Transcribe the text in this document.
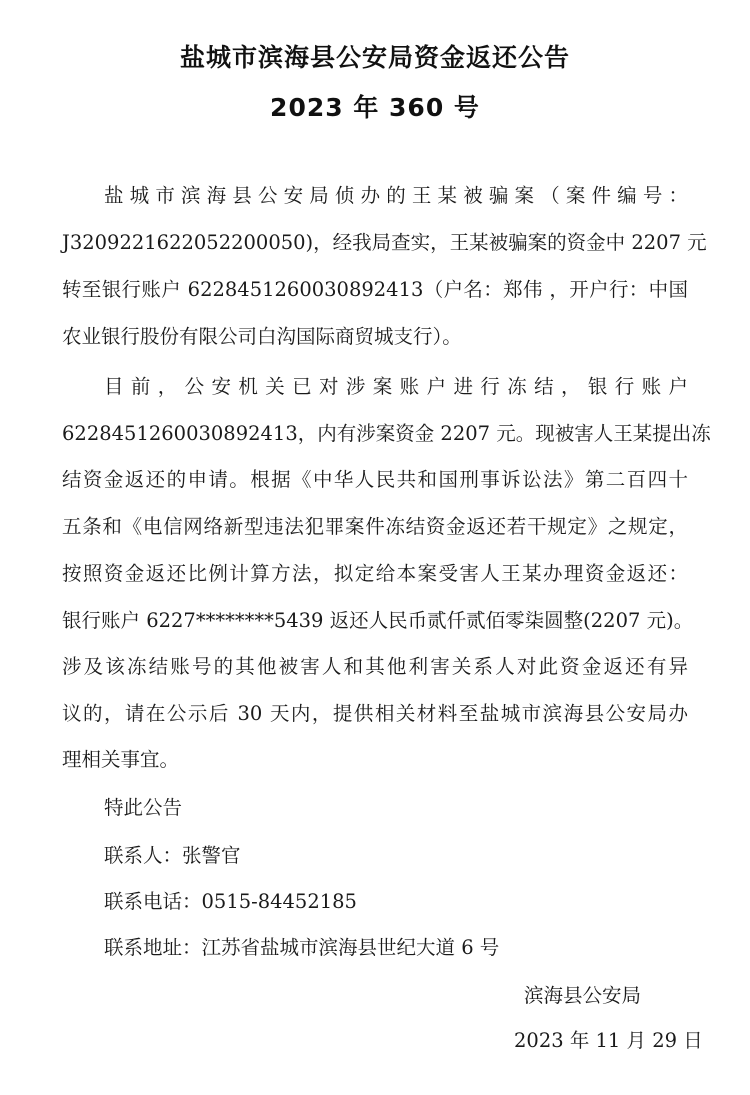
盐城市滨海县公安局资金返还公告
2023 年 360 号
盐城市滨海县公安局侦办的王某被骗案（案件编号：
J3209221622052200050)，经我局查实，王某被骗案的资金中 2207 元
转至银行账户 6228451260030892413（户名：郑伟 ，开户行：中国
农业银行股份有限公司白沟国际商贸城支行）。
目前，公安机关已对涉案账户进行冻结，银行账户
6228451260030892413，内有涉案资金 2207 元。现被害人王某提出冻
结资金返还的申请。根据《中华人民共和国刑事诉讼法》第二百四十
五条和《电信网络新型违法犯罪案件冻结资金返还若干规定》之规定，
按照资金返还比例计算方法，拟定给本案受害人王某办理资金返还：
银行账户 6227********5439 返还人民币贰仟贰佰零柒圆整(2207 元)。
涉及该冻结账号的其他被害人和其他利害关系人对此资金返还有异
议的，请在公示后 30 天内，提供相关材料至盐城市滨海县公安局办
理相关事宜。
特此公告
联系人：张警官
联系电话：0515-84452185
联系地址：江苏省盐城市滨海县世纪大道 6 号
滨海县公安局
2023 年 11 月 29 日
